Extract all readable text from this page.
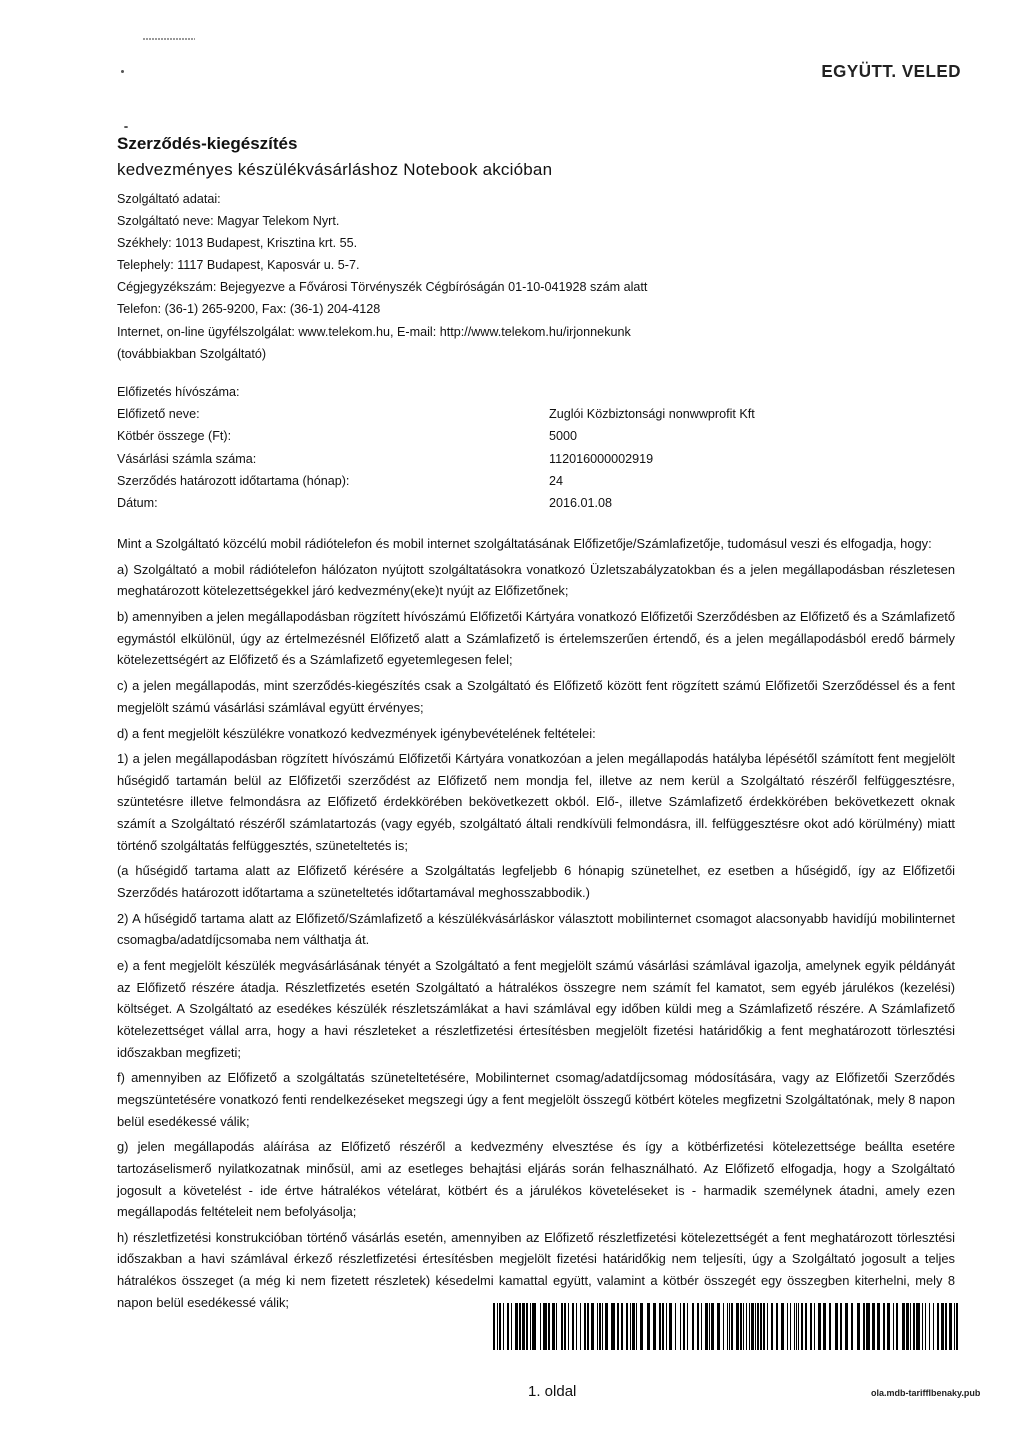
EGYÜTT. VELED
Szerződés-kiegészítés
kedvezményes készülékvásárláshoz Notebook akcióban
Szolgáltató adatai:
Szolgáltató neve: Magyar Telekom Nyrt.
Székhely: 1013 Budapest, Krisztina krt. 55.
Telephely: 1117 Budapest, Kaposvár u. 5-7.
Cégjegyzékszám: Bejegyezve a Fővárosi Törvényszék Cégbíróságán 01-10-041928 szám alatt
Telefon: (36-1) 265-9200, Fax: (36-1) 204-4128
Internet, on-line ügyfélszolgálat: www.telekom.hu, E-mail: http://www.telekom.hu/irjonnekunk
(továbbiakban Szolgáltató)
Előfizetés hívószáma:
Előfizető neve:	Zuglói Közbiztonsági nonwwprofit Kft
Kötbér összege (Ft):	5000
Vásárlási számla száma:	112016000002919
Szerződés határozott időtartama (hónap):	24
Dátum:	2016.01.08

Mint a Szolgáltató közcélú mobil rádiótelefon és mobil internet szolgáltatásának Előfizetője/Számlafizetője, tudomásul veszi és elfogadja, hogy:

a) Szolgáltató a mobil rádiótelefon hálózaton nyújtott szolgáltatásokra vonatkozó Üzletszabályzatokban és a jelen megállapodásban részletesen meghatározott kötelezettségekkel járó kedvezmény(eke)t nyújt az Előfizetőnek;

b) amennyiben a jelen megállapodásban rögzített hívószámú Előfizetői Kártyára vonatkozó Előfizetői Szerződésben az Előfizető és a Számlafizető egymástól elkülönül, úgy az értelmezésnél Előfizető alatt a Számlafizető is értelemszerűen értendő, és a jelen megállapodásból eredő bármely kötelezettségért az Előfizető és a Számlafizető egyetemlegesen felel;

c) a jelen megállapodás, mint szerződés-kiegészítés csak a Szolgáltató és Előfizető között fent rögzített számú Előfizetői Szerződéssel és a fent megjelölt számú vásárlási számlával együtt érvényes;

d) a fent megjelölt készülékre vonatkozó kedvezmények igénybevételének feltételei:

1) a jelen megállapodásban rögzített hívószámú Előfizetői Kártyára vonatkozóan a jelen megállapodás hatályba lépésétől számított fent megjelölt hűségidő tartamán belül az Előfizetői szerződést az Előfizető nem mondja fel, illetve az nem kerül a Szolgáltató részéről felfüggesztésre, szüntetésre illetve felmondásra az Előfizető érdekkörében bekövetkezett okból. Elő-, illetve Számlafizető érdekkörében bekövetkezett oknak számít a Szolgáltató részéről számlatartozás (vagy egyéb, szolgáltató általi rendkívüli felmondásra, ill. felfüggesztésre okot adó körülmény) miatt történő szolgáltatás felfüggesztés, szüneteltetés is;

(a hűségidő tartama alatt az Előfizető kérésére a Szolgáltatás legfeljebb 6 hónapig szünetelhet, ez esetben a hűségidő, így az Előfizetői Szerződés határozott időtartama a szüneteltetés időtartamával meghosszabbodik.)

2) A hűségidő tartama alatt az Előfizető/Számlafizető a készülékvásárláskor választott mobilinternet csomagot alacsonyabb havidíjú mobilinternet csomagba/adatdíjcsomaba nem válthatja át.

e) a fent megjelölt készülék megvásárlásának tényét a Szolgáltató a fent megjelölt számú vásárlási számlával igazolja, amelynek egyik példányát az Előfizető részére átadja. Részletfizetés esetén Szolgáltató a hátralékos összegre nem számít fel kamatot, sem egyéb járulékos (kezelési) költséget. A Szolgáltató az esedékes készülék részletszámlákat a havi számlával egy időben küldi meg a Számlafizető részére. A Számlafizető kötelezettséget vállal arra, hogy a havi részleteket a részletfizetési értesítésben megjelölt fizetési határidőkig a fent meghatározott törlesztési időszakban megfizeti;

f) amennyiben az Előfizető a szolgáltatás szüneteltetésére, Mobilinternet csomag/adatdíjcsomag módosítására, vagy az Előfizetői Szerződés megszüntetésére vonatkozó fenti rendelkezéseket megszegi úgy a fent megjelölt összegű kötbért köteles megfizetni Szolgáltatónak, mely 8 napon belül esedékessé válik;

g) jelen megállapodás aláírása az Előfizető részéről a kedvezmény elvesztése és így a kötbérfizetési kötelezettsége beállta esetére tartozáselismerő nyilatkozatnak minősül, ami az esetleges behajtási eljárás során felhasználható. Az Előfizető elfogadja, hogy a Szolgáltató jogosult a követelést - ide értve hátralékos vételárat, kötbért és a járulékos követeléseket is - harmadik személynek átadni, amely ezen megállapodás feltételeit nem befolyásolja;

h) részletfizetési konstrukcióban történő vásárlás esetén, amennyiben az Előfizető részletfizetési kötelezettségét a fent meghatározott törlesztési időszakban a havi számlával érkező részletfizetési értesítésben megjelölt fizetési határidőkig nem teljesíti, úgy a Szolgáltató jogosult a teljes hátralékos összeget (a még ki nem fizetett részletek) késedelmi kamattal együtt, valamint a kötbér összegét egy összegben kiterhelni, mely 8 napon belül esedékessé válik;

1. oldal	ola.mdb-tarifflbenaky.pub
